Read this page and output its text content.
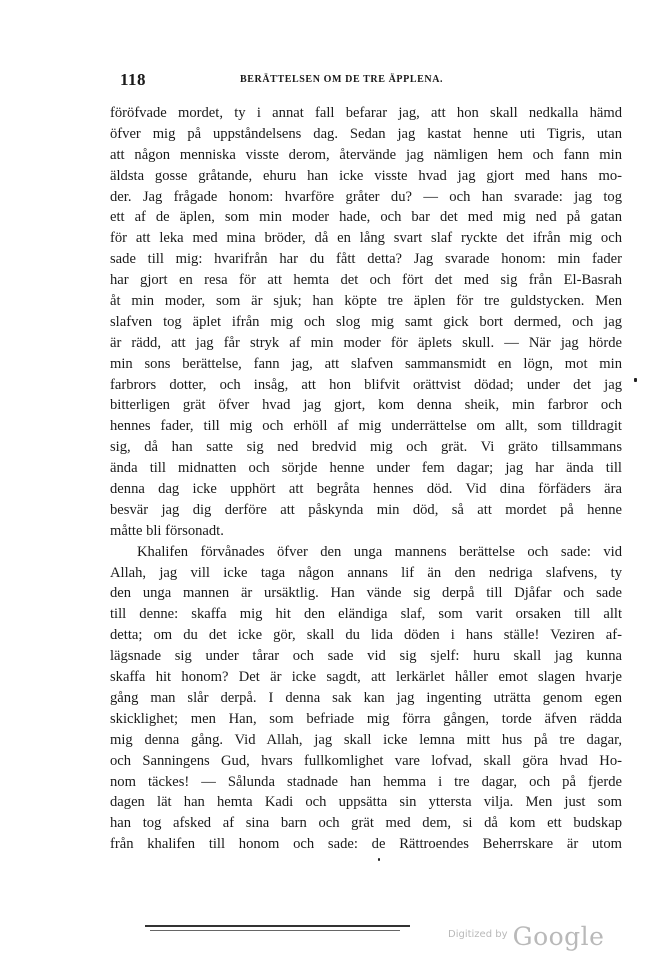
118	BERÄTTELSEN OM DE TRE ÄPPLENA.
föröfvade mordet, ty i annat fall befarar jag, att hon skall nedkalla hämd
öfver mig på uppståndelsens dag. Sedan jag kastat henne uti Tigris, utan
att någon menniska visste derom, återvände jag nämligen hem och fann min
äldsta gosse gråtande, ehuru han icke visste hvad jag gjort med hans mo-
der. Jag frågade honom: hvarföre gråter du? — och han svarade: jag tog
ett af de äplen, som min moder hade, och bar det med mig ned på gatan
för att leka med mina bröder, då en lång svart slaf ryckte det ifrån mig och
sade till mig: hvarifrån har du fått detta? Jag svarade honom: min fader
har gjort en resa för att hemta det och fört det med sig från El-Basrah
åt min moder, som är sjuk; han köpte tre äplen för tre guldstycken. Men
slafven tog äplet ifrån mig och slog mig samt gick bort dermed, och jag
är rädd, att jag får stryk af min moder för äplets skull. — När jag hörde
min sons berättelse, fann jag, att slafven sammansmidt en lögn, mot min
farbrors dotter, och insåg, att hon blifvit orättvist dödad; under det jag
bitterligen grät öfver hvad jag gjort, kom denna sheik, min farbror och
hennes fader, till mig och erhöll af mig underrättelse om allt, som tilldragit
sig, då han satte sig ned bredvid mig och grät. Vi gräto tillsammans
ända till midnatten och sörjde henne under fem dagar; jag har ända till
denna dag icke upphört att begråta hennes död. Vid dina förfäders ära
besvär jag dig derföre att påskynda min död, så att mordet på henne
måtte bli försonadt.
Khalifen förvånades öfver den unga mannens berättelse och sade: vid
Allah, jag vill icke taga någon annans lif än den nedriga slafvens, ty
den unga mannen är ursäktlig. Han vände sig derpå till Djåfar och sade
till denne: skaffa mig hit den eländiga slaf, som varit orsaken till allt
detta; om du det icke gör, skall du lida döden i hans ställe! Veziren af-
lägsnade sig under tårar och sade vid sig sjelf: huru skall jag kunna
skaffa hit honom? Det är icke sagdt, att lerkärlet håller emot slagen hvarje
gång man slår derpå. I denna sak kan jag ingenting uträtta genom egen
skicklighet; men Han, som befriade mig förra gången, torde äfven rädda
mig denna gång. Vid Allah, jag skall icke lemna mitt hus på tre dagar,
och Sanningens Gud, hvars fullkomlighet vare lofvad, skall göra hvad Ho-
nom täckes! — Sålunda stadnade han hemma i tre dagar, och på fjerde
dagen lät han hemta Kadi och uppsätta sin yttersta vilja. Men just som
han tog afsked af sina barn och grät med dem, si då kom ett budskap
från khalifen till honom och sade: de Rättroendes Beherrskare är utom
Digitized by Google
